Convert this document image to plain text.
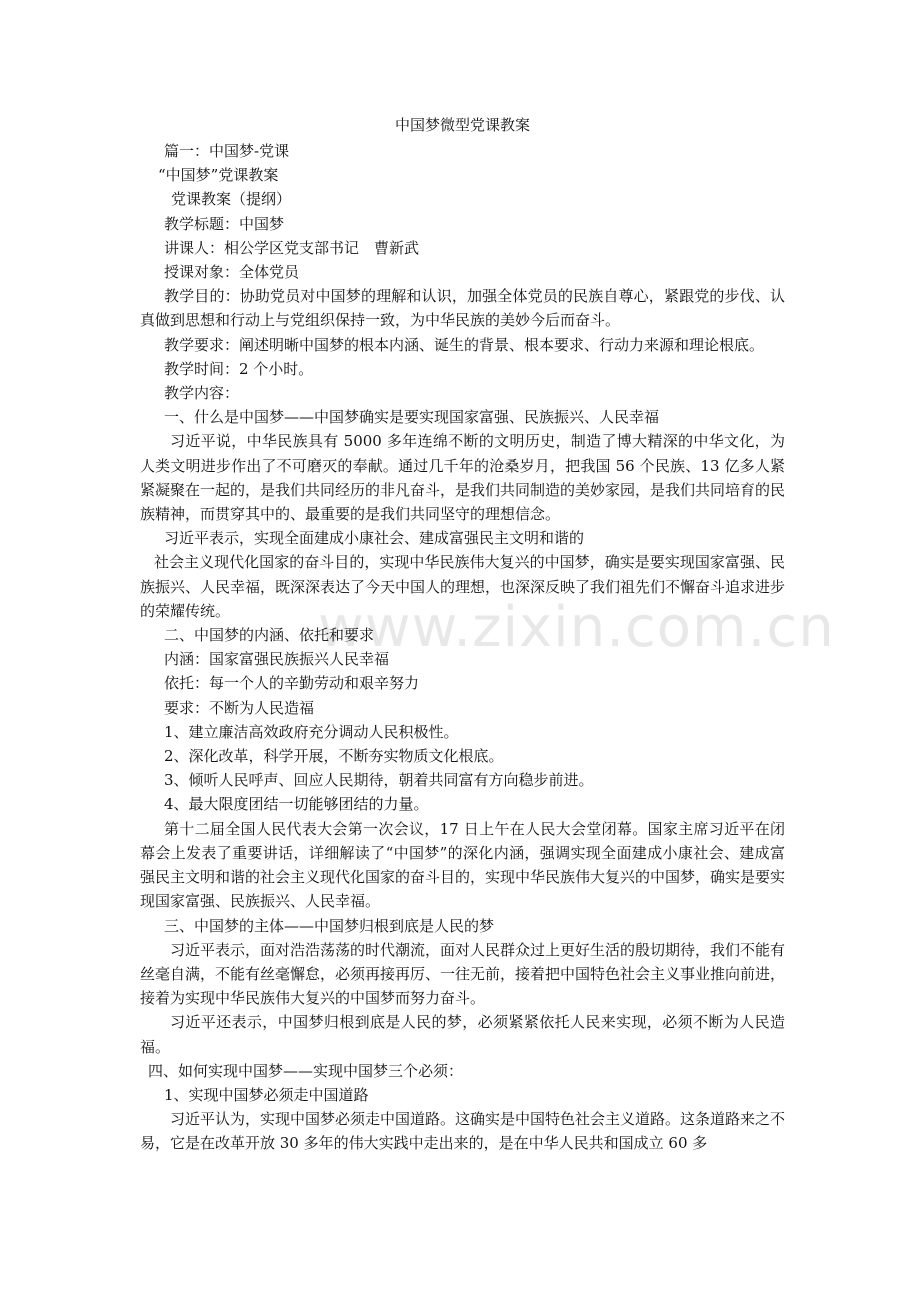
www.zixin.com.cn
中国梦微型党课教案

篇一：中国梦-党课

“中国梦”党课教案

党课教案（提纲）

教学标题：中国梦

讲课人：相公学区党支部书记　曹新武

授课对象：全体党员

教学目的：协助党员对中国梦的理解和认识，加强全体党员的民族自尊心，紧跟党的步伐、认真做到思想和行动上与党组织保持一致，为中华民族的美妙今后而奋斗。

教学要求：阐述明晰中国梦的根本内涵、诞生的背景、根本要求、行动力来源和理论根底。

教学时间：2 个小时。

教学内容：

一、什么是中国梦——中国梦确实是要实现国家富强、民族振兴、人民幸福

习近平说，中华民族具有 5000 多年连绵不断的文明历史，制造了博大精深的中华文化，为人类文明进步作出了不可磨灭的奉献。通过几千年的沧桑岁月，把我国 56 个民族、13 亿多人紧紧凝聚在一起的，是我们共同经历的非凡奋斗，是我们共同制造的美妙家园，是我们共同培育的民族精神，而贯穿其中的、最重要的是我们共同坚守的理想信念。

习近平表示，实现全面建成小康社会、建成富强民主文明和谐的

社会主义现代化国家的奋斗目的，实现中华民族伟大复兴的中国梦，确实是要实现国家富强、民族振兴、人民幸福，既深深表达了今天中国人的理想，也深深反映了我们祖先们不懈奋斗追求进步的荣耀传统。

二、中国梦的内涵、依托和要求

内涵：国家富强民族振兴人民幸福

依托：每一个人的辛勤劳动和艰辛努力

要求：不断为人民造福

1、建立廉洁高效政府充分调动人民积极性。

2、深化改革，科学开展，不断夯实物质文化根底。

3、倾听人民呼声、回应人民期待，朝着共同富有方向稳步前进。

4、最大限度团结一切能够团结的力量。

第十二届全国人民代表大会第一次会议，17 日上午在人民大会堂闭幕。国家主席习近平在闭幕会上发表了重要讲话，详细解读了“中国梦”的深化内涵，强调实现全面建成小康社会、建成富强民主文明和谐的社会主义现代化国家的奋斗目的，实现中华民族伟大复兴的中国梦，确实是要实现国家富强、民族振兴、人民幸福。

三、中国梦的主体——中国梦归根到底是人民的梦

习近平表示，面对浩浩荡荡的时代潮流，面对人民群众过上更好生活的殷切期待，我们不能有丝毫自满，不能有丝毫懈怠，必须再接再厉、一往无前，接着把中国特色社会主义事业推向前进，接着为实现中华民族伟大复兴的中国梦而努力奋斗。

习近平还表示，中国梦归根到底是人民的梦，必须紧紧依托人民来实现，必须不断为人民造福。

四、如何实现中国梦——实现中国梦三个必须：

1、实现中国梦必须走中国道路

习近平认为，实现中国梦必须走中国道路。这确实是中国特色社会主义道路。这条道路来之不易，它是在改革开放 30 多年的伟大实践中走出来的，是在中华人民共和国成立 60 多
